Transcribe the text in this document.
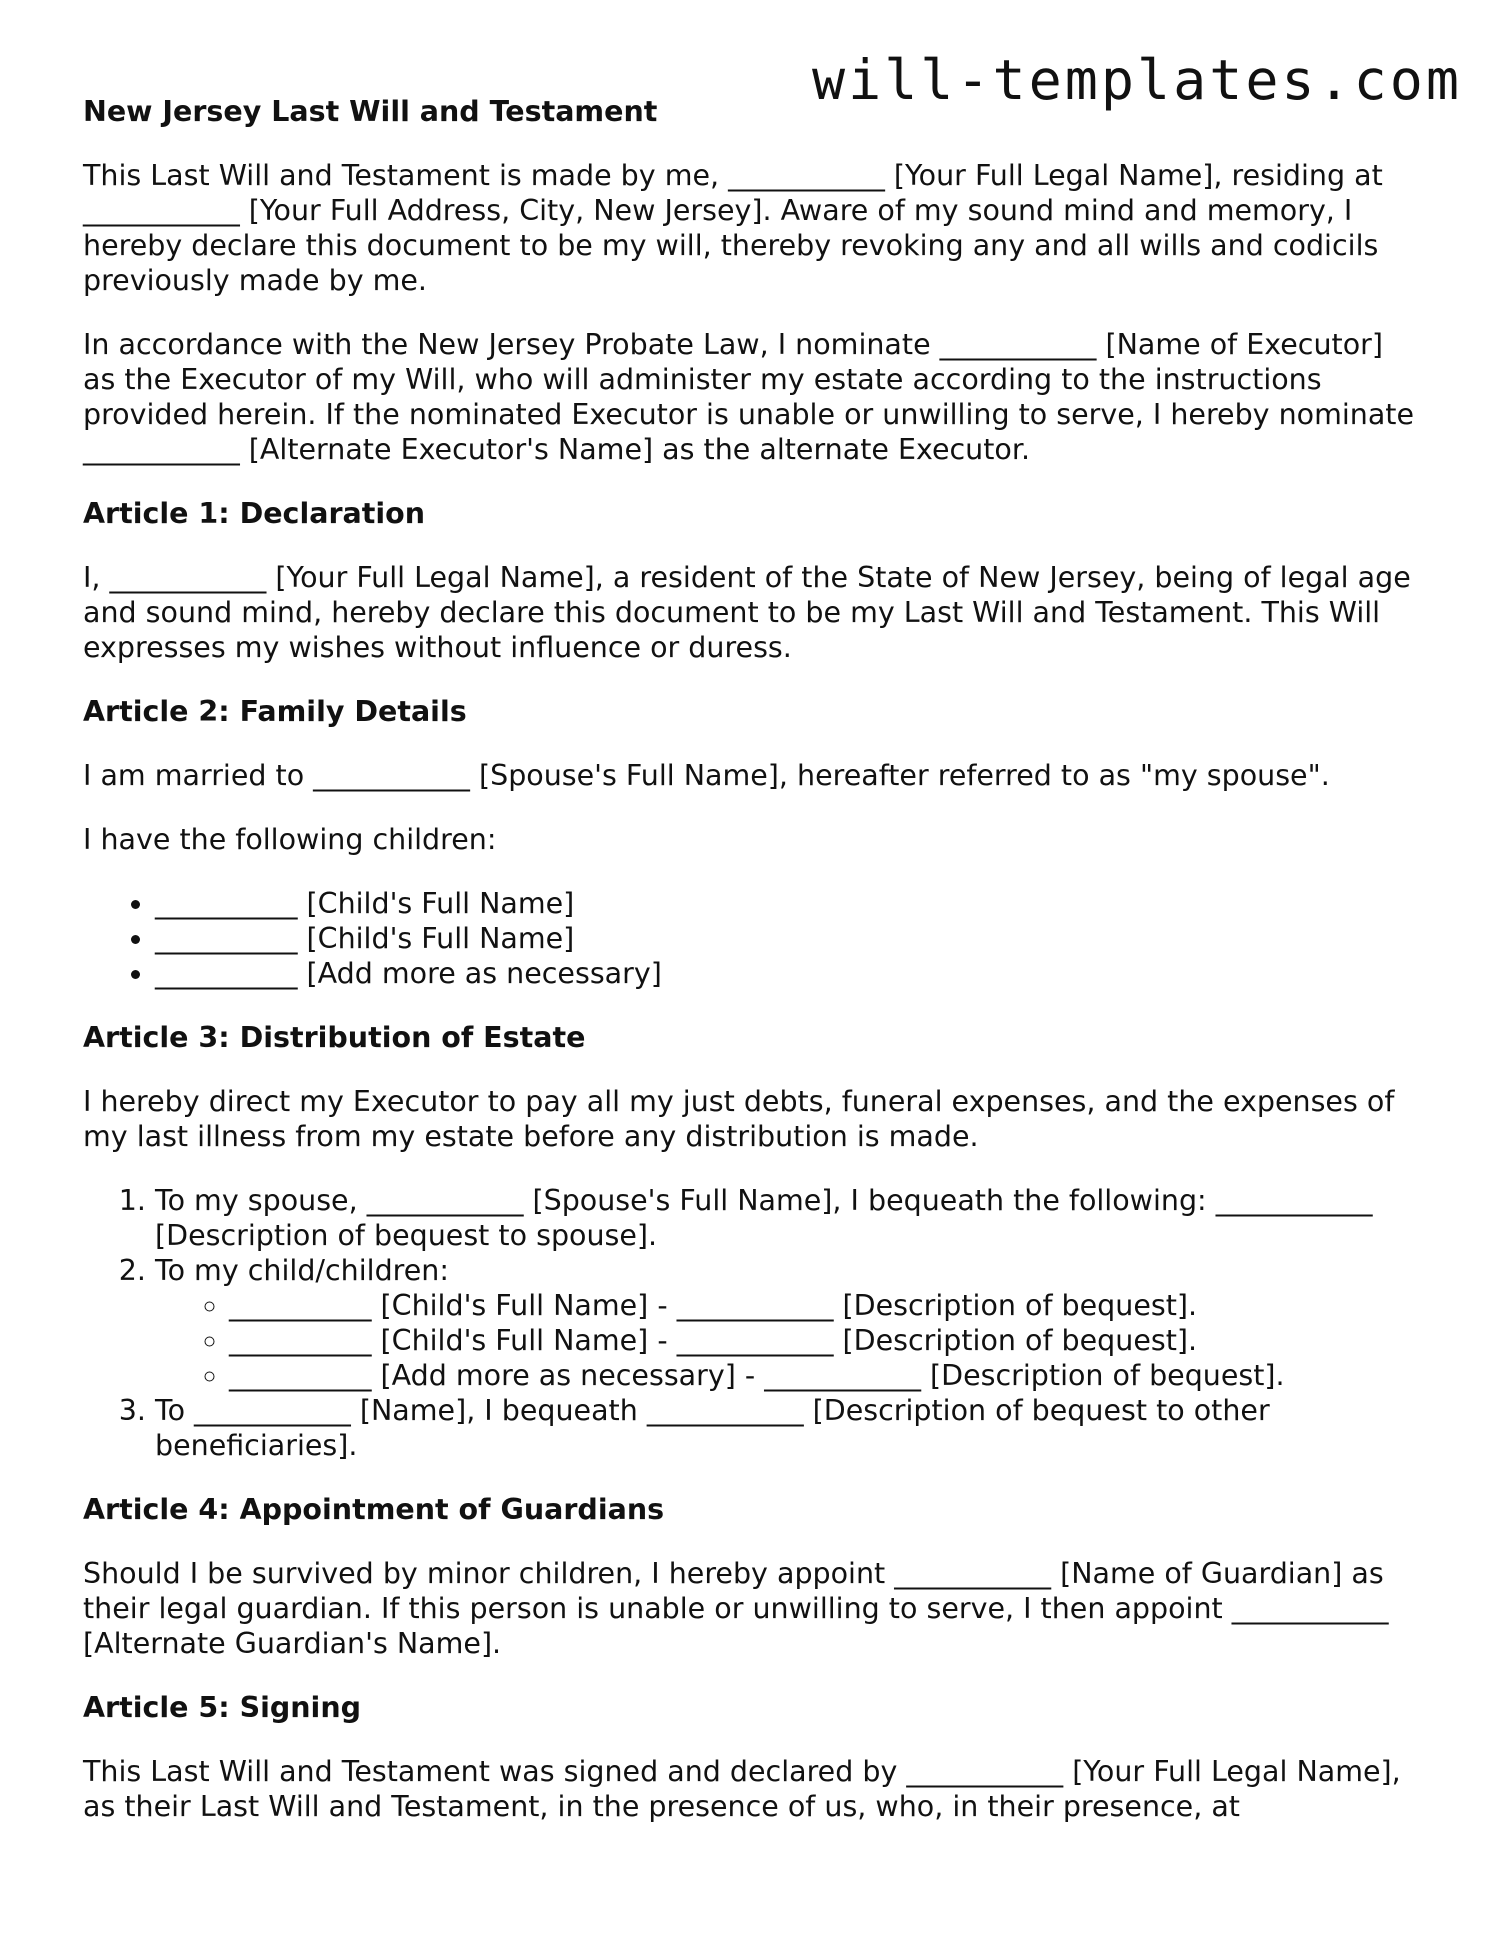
will-templates.com
New Jersey Last Will and Testament

This Last Will and Testament is made by me, ___________ [Your Full Legal Name], residing at ___________ [Your Full Address, City, New Jersey]. Aware of my sound mind and memory, I hereby declare this document to be my will, thereby revoking any and all wills and codicils previously made by me.

In accordance with the New Jersey Probate Law, I nominate ___________ [Name of Executor] as the Executor of my Will, who will administer my estate according to the instructions provided herein. If the nominated Executor is unable or unwilling to serve, I hereby nominate ___________ [Alternate Executor's Name] as the alternate Executor.

Article 1: Declaration

I, ___________ [Your Full Legal Name], a resident of the State of New Jersey, being of legal age and sound mind, hereby declare this document to be my Last Will and Testament. This Will expresses my wishes without influence or duress.

Article 2: Family Details

I am married to ___________ [Spouse's Full Name], hereafter referred to as "my spouse".

I have the following children:

• __________ [Child's Full Name]
• __________ [Child's Full Name]
• __________ [Add more as necessary]
Article 3: Distribution of Estate

I hereby direct my Executor to pay all my just debts, funeral expenses, and the expenses of my last illness from my estate before any distribution is made.

1. To my spouse, ___________ [Spouse's Full Name], I bequeath the following: ___________ [Description of bequest to spouse].
2. To my child/children:
◦ __________ [Child's Full Name] - ___________ [Description of bequest].
◦ __________ [Child's Full Name] - ___________ [Description of bequest].
◦ __________ [Add more as necessary] - ___________ [Description of bequest].
3. To ___________ [Name], I bequeath ___________ [Description of bequest to other beneficiaries].
Article 4: Appointment of Guardians

Should I be survived by minor children, I hereby appoint ___________ [Name of Guardian] as their legal guardian. If this person is unable or unwilling to serve, I then appoint ___________ [Alternate Guardian's Name].

Article 5: Signing

This Last Will and Testament was signed and declared by ___________ [Your Full Legal Name], as their Last Will and Testament, in the presence of us, who, in their presence, at
